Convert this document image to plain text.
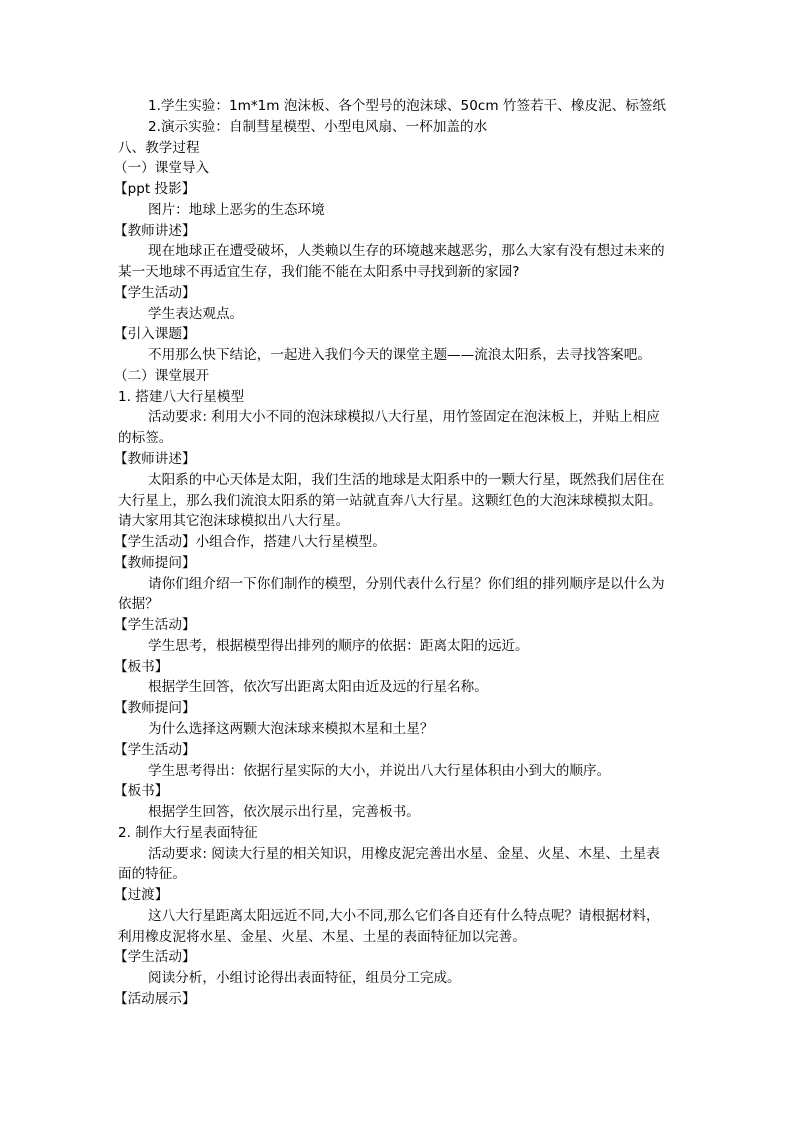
1.学生实验：1m*1m 泡沫板、各个型号的泡沫球、50cm 竹签若干、橡皮泥、标签纸
2.演示实验：自制彗星模型、小型电风扇、一杯加盖的水
八、教学过程
（一）课堂导入
【ppt 投影】
图片：地球上恶劣的生态环境
【教师讲述】
现在地球正在遭受破坏，人类赖以生存的环境越来越恶劣，那么大家有没有想过未来的
某一天地球不再适宜生存，我们能不能在太阳系中寻找到新的家园?
【学生活动】
学生表达观点。
【引入课题】
不用那么快下结论，一起进入我们今天的课堂主题——流浪太阳系，去寻找答案吧。
（二）课堂展开
1. 搭建八大行星模型
活动要求: 利用大小不同的泡沫球模拟八大行星，用竹签固定在泡沫板上，并贴上相应
的标签。
【教师讲述】
太阳系的中心天体是太阳，我们生活的地球是太阳系中的一颗大行星，既然我们居住在
大行星上，那么我们流浪太阳系的第一站就直奔八大行星。这颗红色的大泡沫球模拟太阳。
请大家用其它泡沫球模拟出八大行星。
【学生活动】小组合作，搭建八大行星模型。
【教师提问】
请你们组介绍一下你们制作的模型，分别代表什么行星？你们组的排列顺序是以什么为
依据？
【学生活动】
学生思考，根据模型得出排列的顺序的依据：距离太阳的远近。
【板书】
根据学生回答，依次写出距离太阳由近及远的行星名称。
【教师提问】
为什么选择这两颗大泡沫球来模拟木星和土星？
【学生活动】
学生思考得出：依据行星实际的大小，并说出八大行星体积由小到大的顺序。
【板书】
根据学生回答，依次展示出行星，完善板书。
2. 制作大行星表面特征
活动要求: 阅读大行星的相关知识，用橡皮泥完善出水星、金星、火星、木星、土星表
面的特征。
【过渡】
这八大行星距离太阳远近不同,大小不同,那么它们各自还有什么特点呢？请根据材料，
利用橡皮泥将水星、金星、火星、木星、土星的表面特征加以完善。
【学生活动】
阅读分析，小组讨论得出表面特征，组员分工完成。
【活动展示】
